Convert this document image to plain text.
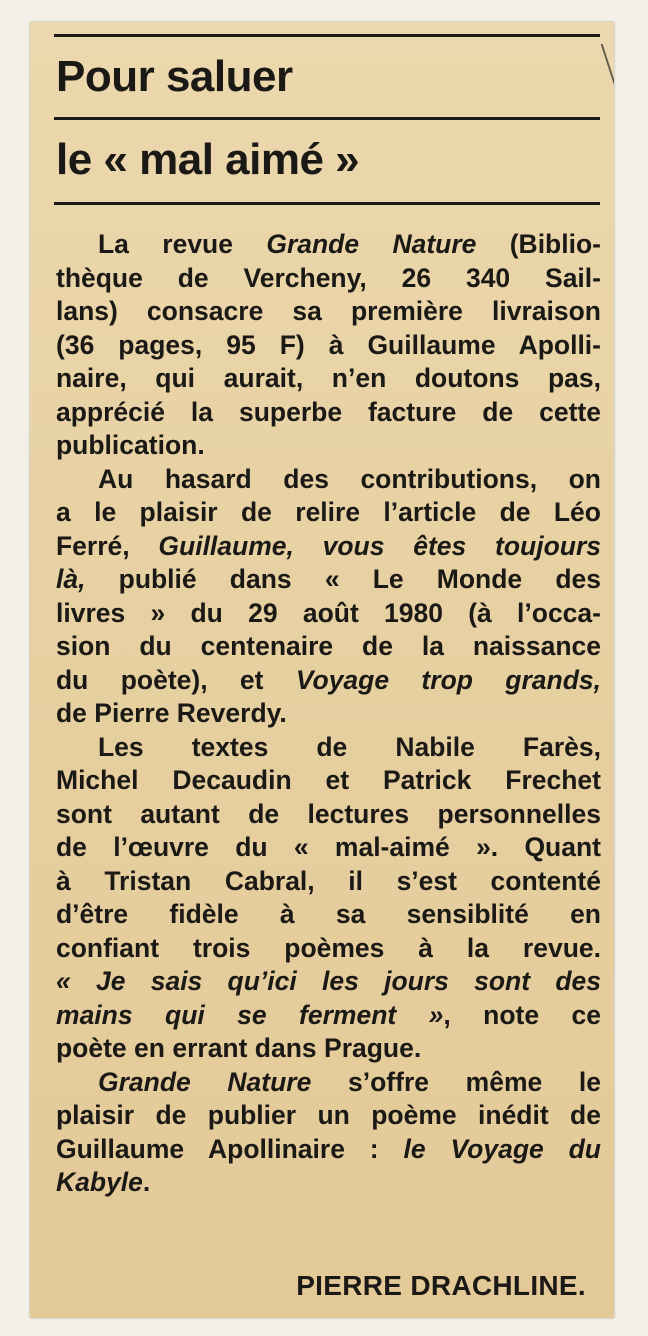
Pour saluer
le « mal aimé »
La revue Grande Nature (Biblio-
thèque de Vercheny, 26 340 Sail-
lans) consacre sa première livraison
(36 pages, 95 F) à Guillaume Apolli-
naire, qui aurait, n’en doutons pas,
apprécié la superbe facture de cette
publication.
Au hasard des contributions, on
a le plaisir de relire l’article de Léo
Ferré, Guillaume, vous êtes toujours
là, publié dans « Le Monde des
livres » du 29 août 1980 (à l’occa-
sion du centenaire de la naissance
du poète), et Voyage trop grands,
de Pierre Reverdy.
Les textes de Nabile Farès,
Michel Decaudin et Patrick Frechet
sont autant de lectures personnelles
de l’œuvre du « mal-aimé ». Quant
à Tristan Cabral, il s’est contenté
d’être fidèle à sa sensiblité en
confiant trois poèmes à la revue.
« Je sais qu’ici les jours sont des
mains qui se ferment », note ce
poète en errant dans Prague.
Grande Nature s’offre même le
plaisir de publier un poème inédit de
Guillaume Apollinaire : le Voyage du
Kabyle.
PIERRE DRACHLINE.
